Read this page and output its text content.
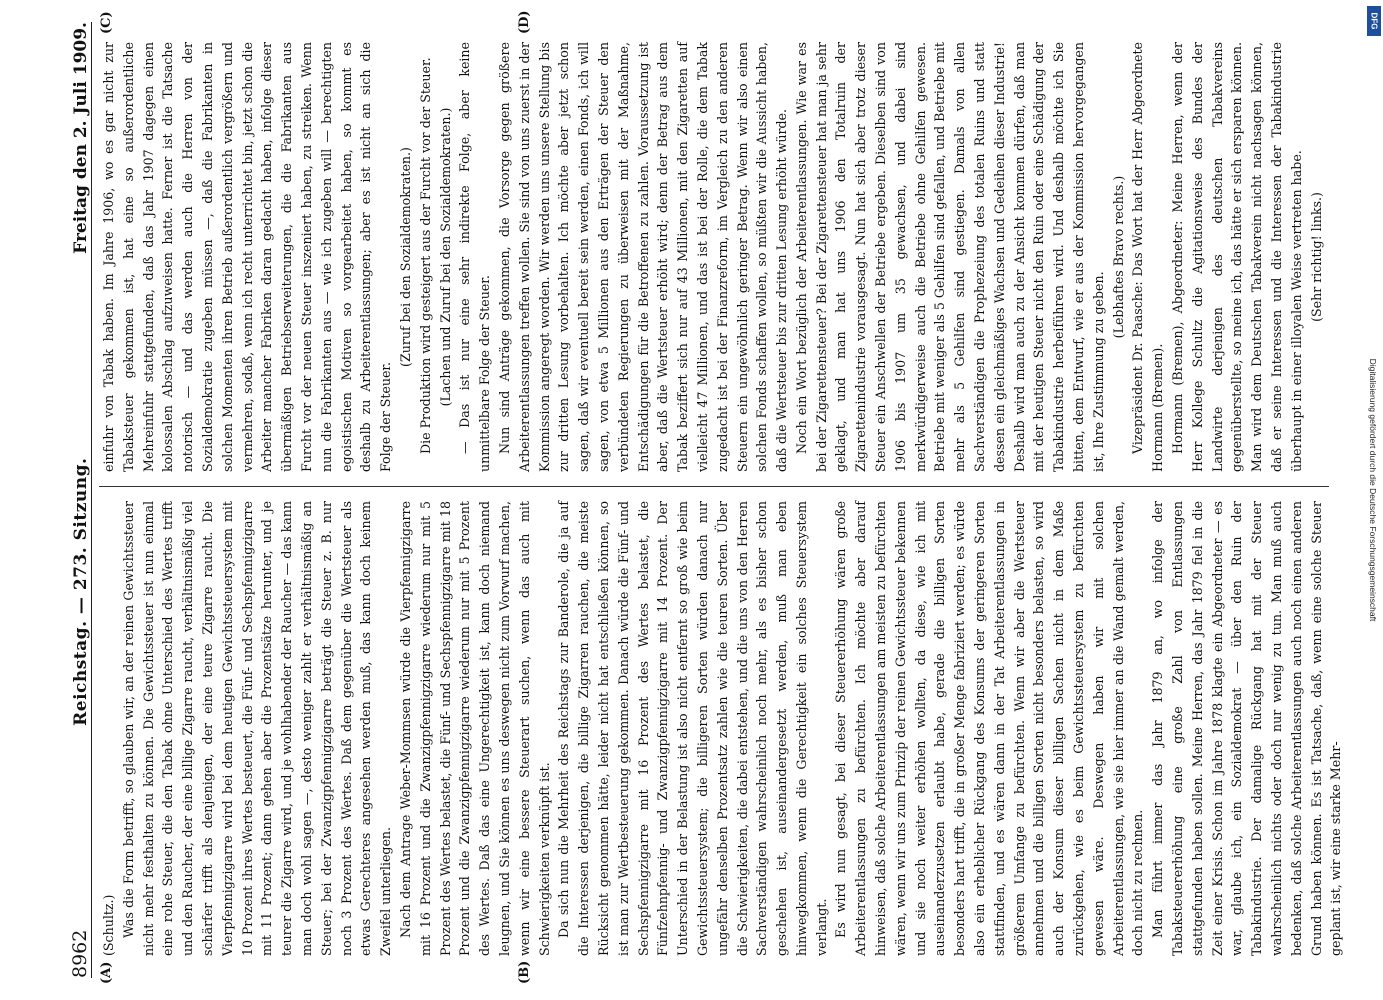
8962
Reichstag. — 273. Sitzung.
Freitag den 2. Juli 1909.
(A)	(B)
(C)	(D)

(Schultz.) Was die Form betrifft, so glauben wir, an der reinen Gewichtssteuer nicht mehr festhalten zu können. Die Gewichtssteuer ist nun einmal eine rohe Steuer, die den Tabak ohne Unterschied des Wertes trifft und den Raucher, der eine billige Zigarre raucht, verhältnismäßig viel schärfer trifft als denjenigen, der eine teure Zigarre raucht. Die Vierpfennigzigarre wird bei dem heutigen Gewichtssteuersystem mit 10 Prozent ihres Wertes besteuert, die Fünf- und Sechspfennigzigarre mit 11 Prozent; dann gehen aber die Prozentsätze herunter, und je teurer die Zigarre wird, und je wohlhabender der Raucher — das kann man doch wohl sagen —, desto weniger zahlt er verhältnismäßig an Steuer; bei der Zwanzigpfennigzigarre beträgt die Steuer z. B. nur noch 3 Prozent des Wertes. Daß dem gegenüber die Wertsteuer als etwas Gerechteres angesehen werden muß, das kann doch keinem Zweifel unterliegen. Nach dem Antrage Weber-Mommsen würde die Vierpfennigzigarre mit 16 Prozent und die Zwanzigpfennigzigarre wiederum nur mit 5 Prozent des Wertes belastet, die Fünf- und Sechspfennigzigarre mit 18 Prozent und die Zwanzigpfennigzigarre wiederum nur mit 5 Prozent des Wertes. Daß das eine Ungerechtigkeit ist, kann doch niemand leugnen, und Sie können es uns deswegen nicht zum Vorwurf machen, wenn wir eine bessere Steuerart suchen, wenn das auch mit Schwierigkeiten verknüpft ist. Da sich nun die Mehrheit des Reichstags zur Banderole, die ja auf die Interessen derjenigen, die billige Zigarren rauchen, die meiste Rücksicht genommen hätte, leider nicht hat entschließen können, so ist man zur Wertbesteuerung gekommen. Danach würde die Fünf- und Sechspfennigzigarre mit 16 Prozent des Wertes belastet, die Fünfzehnpfennig- und Zwanzigpfennigzigarre mit 14 Prozent. Der Unterschied in der Belastung ist also nicht entfernt so groß wie beim Gewichtssteuersystem; die billigeren Sorten würden danach nur ungefähr denselben Prozentsatz zahlen wie die teuren Sorten. Über die Schwierigkeiten, die dabei entstehen, und die uns von den Herren Sachverständigen wahrscheinlich noch mehr, als es bisher schon geschehen ist, auseinandergesetzt werden, muß man eben hinwegkommen, wenn die Gerechtigkeit ein solches Steuersystem verlangt. Es wird nun gesagt, bei dieser Steuererhöhung wären große Arbeiterentlassungen zu befürchten. Ich möchte aber darauf hinweisen, daß solche Arbeiterentlassungen am meisten zu befürchten wären, wenn wir uns zum Prinzip der reinen Gewichtssteuer bekennen und sie noch weiter erhöhen wollten, da diese, wie ich mit auseinanderzusetzen erlaubt habe, gerade die billigen Sorten besonders hart trifft, die in großer Menge fabriziert werden; es würde also ein erheblicher Rückgang des Konsums der geringeren Sorten stattfinden, und es wären dann in der Tat Arbeiterentlassungen in größerem Umfange zu befürchten. Wenn wir aber die Wertsteuer annehmen und die billigen Sorten nicht besonders belasten, so wird auch der Konsum dieser billigen Sachen nicht in dem Maße zurückgehen, wie es beim Gewichtssteuersystem zu befürchten gewesen wäre. Deswegen haben wir mit solchen Arbeiterentlassungen, wie sie hier immer an die Wand gemalt werden, doch nicht zu rechnen. Man führt immer das Jahr 1879 an, wo infolge der Tabaksteuererhöhung eine große Zahl von Entlassungen stattgefunden haben sollen. Meine Herren, das Jahr 1879 fiel in die Zeit einer Krisis. Schon im Jahre 1878 klagte ein Abgeordneter — es war, glaube ich, ein Sozialdemokrat — über den Ruin der Tabakindustrie. Der damalige Rückgang hat mit der Steuer wahrscheinlich nichts oder doch nur wenig zu tun. Man muß auch bedenken, daß solche Arbeiterentlassungen auch noch einen anderen Grund haben können. Es ist Tatsache, daß, wenn eine solche Steuer geplant ist, wir eine starke Mehr-

einfuhr von Tabak haben. Im Jahre 1906, wo es gar nicht zur Tabaksteuer gekommen ist, hat eine so außerordentliche Mehreinfuhr stattgefunden, daß das Jahr 1907 dagegen einen kolossalen Abschlag aufzuweisen hatte. Ferner ist die Tatsache notorisch — und das werden auch die Herren von der Sozialdemokratie zugeben müssen —, daß die Fabrikanten in solchen Momenten ihren Betrieb außerordentlich vergrößern und vermehren, sodaß, wenn ich recht unterrichtet bin, jetzt schon die Arbeiter mancher Fabriken daran gedacht haben, infolge dieser übermäßigen Betriebserweiterungen, die die Fabrikanten aus Furcht vor der neuen Steuer inszeniert haben, zu streiken. Wenn nun die Fabrikanten aus — wie ich zugeben will — berechtigten egoistischen Motiven so vorgearbeitet haben, so kommt es deshalb zu Arbeiterentlassungen; aber es ist nicht an sich die Folge der Steuer.

(Zuruf bei den Sozialdemokraten.) Die Produktion wird gesteigert aus der Furcht vor der Steuer. (Lachen und Zuruf bei den Sozialdemokraten.) — Das ist nur eine sehr indirekte Folge, aber keine unmittelbare Folge der Steuer. Nun sind Anträge gekommen, die Vorsorge gegen größere Arbeiterentlassungen treffen wollen. Sie sind von uns zuerst in der Kommission angeregt worden. Wir werden uns unsere Stellung bis zur dritten Lesung vorbehalten. Ich möchte aber jetzt schon sagen, daß wir eventuell bereit sein werden, einen Fonds, ich will sagen, von etwa 5 Millionen aus den Erträgen der Steuer den verbündeten Regierungen zu überweisen mit der Maßnahme, Entschädigungen für die Betroffenen zu zahlen. Voraussetzung ist aber, daß die Wertsteuer erhöht wird; denn der Betrag aus dem Tabak beziffert sich nur auf 43 Millionen, mit den Zigaretten auf vielleicht 47 Millionen, und das ist bei der Rolle, die dem Tabak zugedacht ist bei der Finanzreform, im Vergleich zu den anderen Steuern ein ungewöhnlich geringer Betrag. Wenn wir also einen solchen Fonds schaffen wollen, so müßten wir die Aussicht haben, daß die Wertsteuer bis zur dritten Lesung erhöht würde. Noch ein Wort bezüglich der Arbeiterentlassungen. Wie war es bei der Zigarettensteuer? Bei der Zigarettensteuer hat man ja sehr geklagt, und man hat uns 1906 den Totalruin der Zigarettenindustrie vorausgesagt. Nun hat sich aber trotz dieser Steuer ein Anschwellen der Betriebe ergeben. Dieselben sind von 1906 bis 1907 um 35 gewachsen, und dabei sind merkwürdigerweise auch die Betriebe ohne Gehilfen gewesen. Betriebe mit weniger als 5 Gehilfen sind gefallen, und Betriebe mit mehr als 5 Gehilfen sind gestiegen. Damals von allen Sachverständigen die Prophezeiung des totalen Ruins und statt dessen ein gleichmäßiges Wachsen und Gedeihen dieser Industrie! Deshalb wird man auch zu der Ansicht kommen dürfen, daß man mit der heutigen Steuer nicht den Ruin oder eine Schädigung der Tabakindustrie herbeiführen wird. Und deshalb möchte ich Sie bitten, dem Entwurf, wie er aus der Kommission hervorgegangen ist, Ihre Zustimmung zu geben.

(Lebhaftes Bravo rechts.) Vizepräsident Dr. Paasche: Das Wort hat der Herr Abgeordnete Hormann (Bremen). Hormann (Bremen), Abgeordneter: Meine Herren, wenn der Herr Kollege Schultz die Agitationsweise des Bundes der Landwirte derjenigen des deutschen Tabakvereins gegenüberstellte, so meine ich, das hätte er sich ersparen können. Man wird dem Deutschen Tabakverein nicht nachsagen können, daß er seine Interessen und die Interessen der Tabakindustrie überhaupt in einer illoyalen Weise vertreten habe. (Sehr richtig! links.)

DFG
Digitalisierung gefördert durch die Deutsche Forschungsgemeinschaft
